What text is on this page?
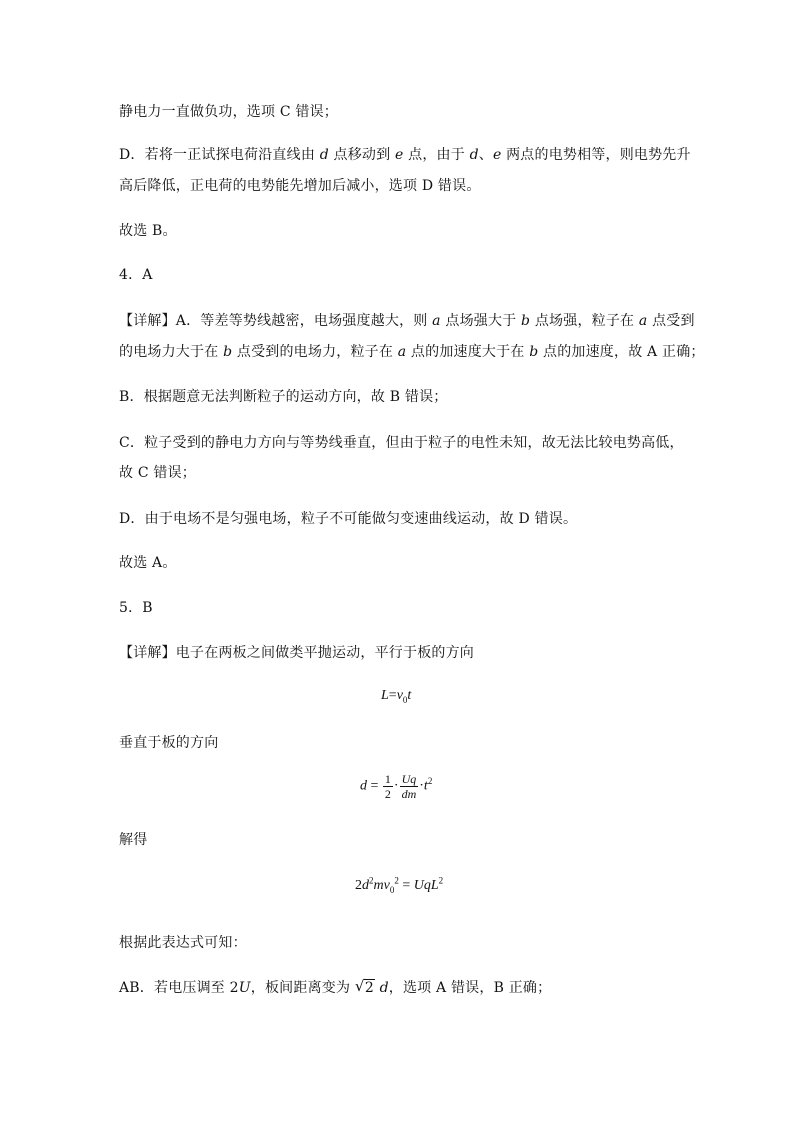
静电力一直做负功，选项 C 错误；
D．若将一正试探电荷沿直线由 d 点移动到 e 点，由于 d、e 两点的电势相等，则电势先升
高后降低，正电荷的电势能先增加后减小，选项 D 错误。
故选 B。
4．A
【详解】A．等差等势线越密，电场强度越大，则 a 点场强大于 b 点场强，粒子在 a 点受到
的电场力大于在 b 点受到的电场力，粒子在 a 点的加速度大于在 b 点的加速度，故 A 正确；
B．根据题意无法判断粒子的运动方向，故 B 错误；
C．粒子受到的静电力方向与等势线垂直，但由于粒子的电性未知，故无法比较电势高低，
故 C 错误；
D．由于电场不是匀强电场，粒子不可能做匀变速曲线运动，故 D 错误。
故选 A。
5．B
【详解】电子在两板之间做类平抛运动，平行于板的方向
$L=v_0t$
垂直于板的方向
$d = \frac{1}{2} \cdot \frac{Uq}{dm} \cdot t^2$
解得
$2d^2mv_0^2 = UqL^2$
根据此表达式可知：
AB．若电压调至 2U，板间距离变为 √ 2 d，选项 A 错误，B 正确；
